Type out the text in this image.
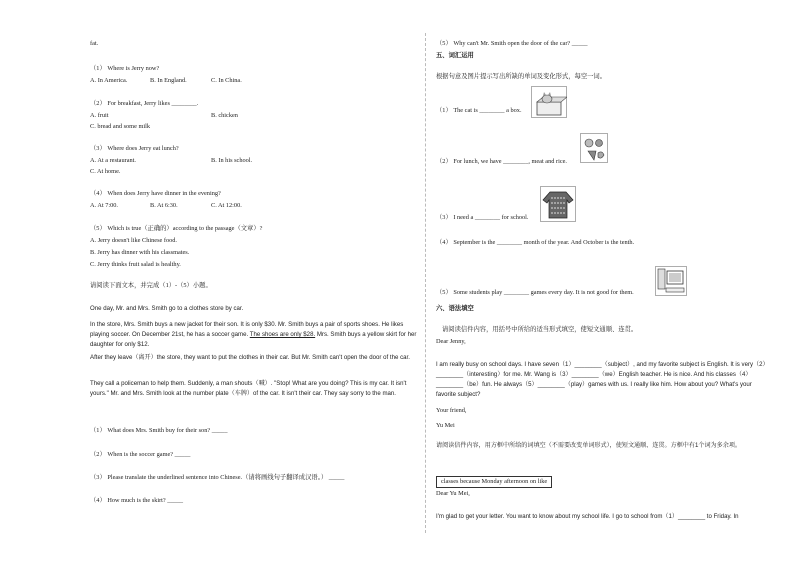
fat.
（1） Where is Jerry now?
A. In America.	B. In England.	C. In China.
（2） For breakfast, Jerry likes ________.
A. fruit	B. chicken
C. bread and some milk
（3） Where does Jerry eat lunch?
A. At a restaurant.	B. In his school.
C. At home.
（4） When does Jerry have dinner in the evening?
A. At 7:00.	B. At 6:30.	C. At 12:00.
（5） Which is true（正确的）according to the passage（文章）?
A. Jerry doesn't like Chinese food.
B. Jerry has dinner with his classmates.
C. Jerry thinks fruit salad is healthy.
请阅读下面文本，并完成（1）-（5）小题。
One day, Mr. and Mrs. Smith go to a clothes store by car.
In the store, Mrs. Smith buys a new jacket for their son. It is only $30. Mr. Smith buys a pair of sports shoes. He likes playing soccer. On December 21st, he has a soccer game. The shoes are only $28. Mrs. Smith buys a yellow skirt for her daughter for only $12.
After they leave（离开）the store, they want to put the clothes in their car. But Mr. Smith can't open the door of the car.
They call a policeman to help them. Suddenly, a man shouts（喊）. "Stop! What are you doing? This is my car. It isn't yours." Mr. and Mrs. Smith look at the number plate（车牌）of the car. It isn't their car. They say sorry to the man.
（1） What does Mrs. Smith buy for their son? _____
（2） When is the soccer game? _____
（3） Please translate the underlined sentence into Chinese.（请将画线句子翻译成汉语。） _____
（4） How much is the skirt? _____
（5） Why can't Mr. Smith open the door of the car? _____
五、词汇运用
根据句意及图片提示写出所缺的单词及变化形式，每空一词。
（1） The cat is ________ a box.
（2） For lunch, we have ________, meat and rice.
（3） I need a ________ for school.
（4） September is the ________ month of the year. And October is the tenth.
（5） Some students play ________ games every day. It is not good for them.
六、语法填空
请阅读信件内容，用括号中所给的适当形式填空，使短文通顺、连贯。
Dear Jenny,
I am really busy on school days. I have seven（1）________（subject）, and my favorite subject is English. It is very（2）________（interesting）for me. Mr. Wang is（3）________（we）English teacher. He is nice. And his classes（4）________（be）fun. He always（5）________（play）games with us. I really like him. How about you? What's your favorite subject?
Your friend,
Yu Mei
请阅读信件内容，用方框中所给的词填空（不需要改变单词形式），使短文通顺、连贯。方框中有1个词为多余项。
classes because Monday afternoon on like
Dear Yu Mei,
I'm glad to get your letter. You want to know about my school life. I go to school from（1）________ to Friday. In
